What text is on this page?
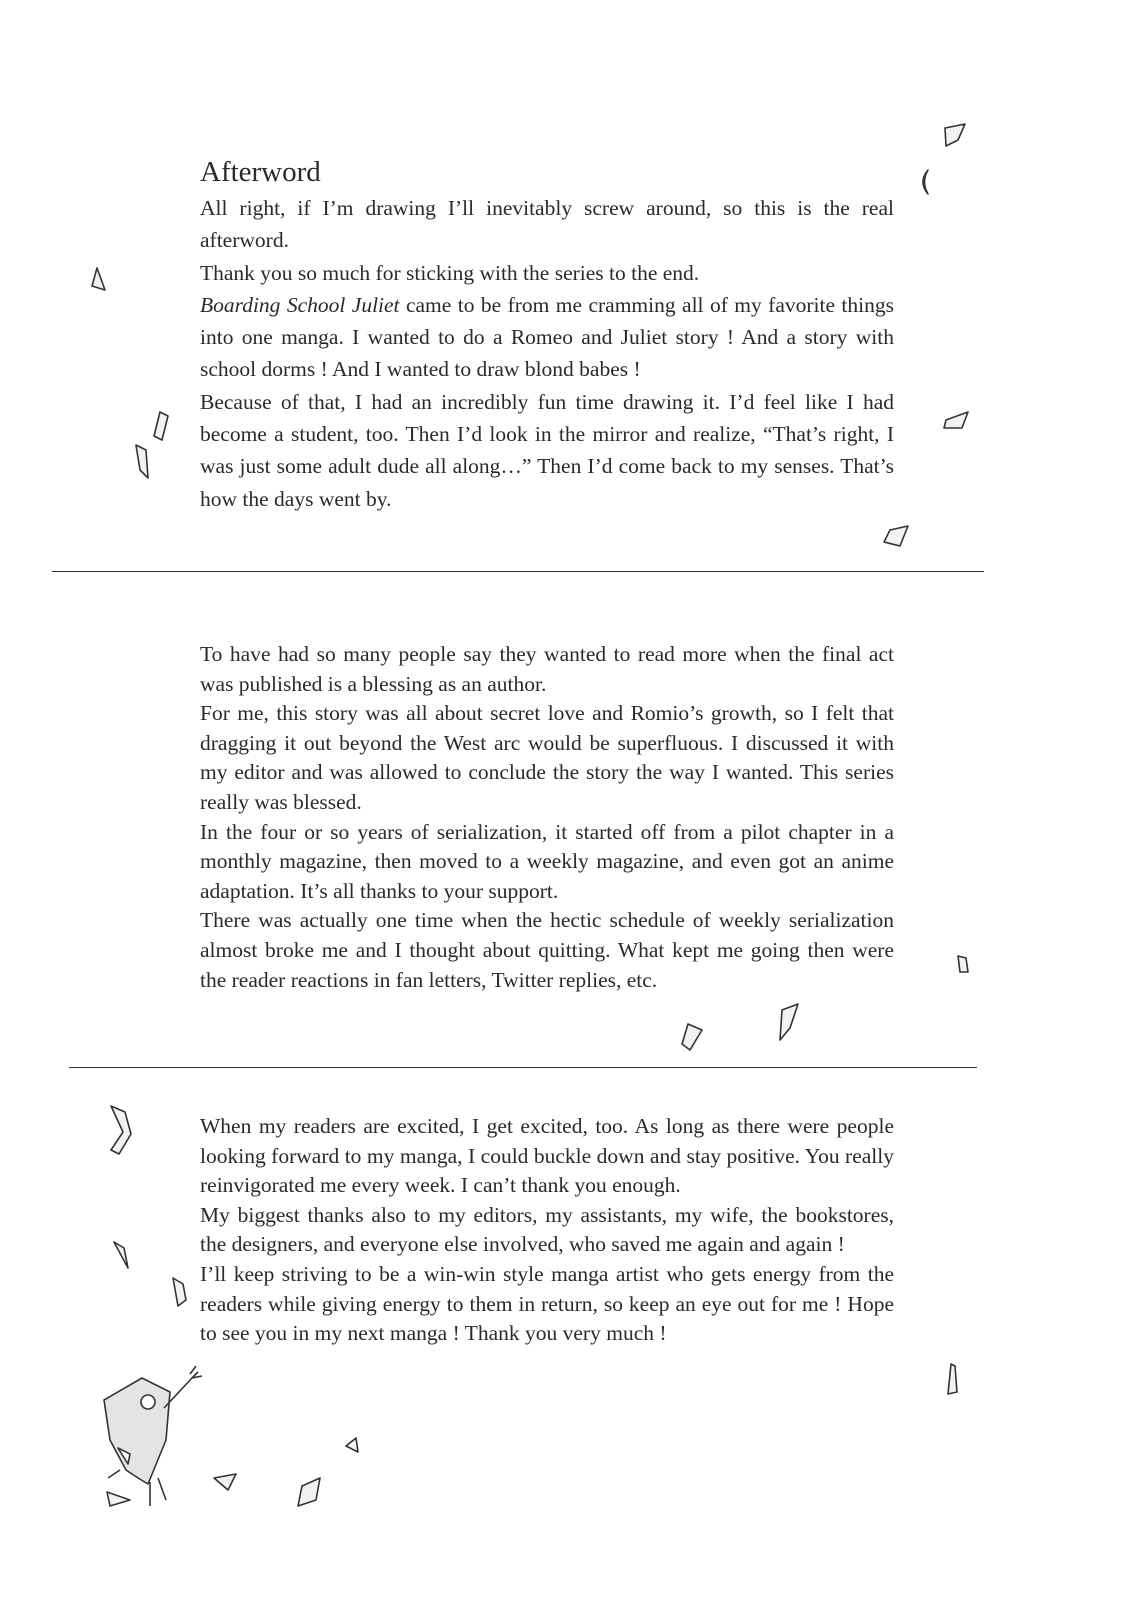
Afterword

All right, if I’m drawing I’ll inevitably screw around, so this is the real afterword.

Thank you so much for sticking with the series to the end.

Boarding School Juliet came to be from me cramming all of my favorite things into one manga. I wanted to do a Romeo and Juliet story ! And a story with school dorms ! And I wanted to draw blond babes !

Because of that, I had an incredibly fun time drawing it. I’d feel like I had become a student, too. Then I’d look in the mirror and realize, “That’s right, I was just some adult dude all along…” Then I’d come back to my senses. That’s how the days went by.

To have had so many people say they wanted to read more when the final act was published is a blessing as an author.

For me, this story was all about secret love and Romio’s growth, so I felt that dragging it out beyond the West arc would be superfluous. I discussed it with my editor and was allowed to conclude the story the way I wanted. This series really was blessed.

In the four or so years of serialization, it started off from a pilot chapter in a monthly magazine, then moved to a weekly magazine, and even got an anime adaptation. It’s all thanks to your support.

There was actually one time when the hectic schedule of weekly serialization almost broke me and I thought about quitting. What kept me going then were the reader reactions in fan letters, Twitter replies, etc.

When my readers are excited, I get excited, too. As long as there were people looking forward to my manga, I could buckle down and stay positive. You really reinvigorated me every week. I can’t thank you enough.

My biggest thanks also to my editors, my assistants, my wife, the bookstores, the designers, and everyone else involved, who saved me again and again !

I’ll keep striving to be a win-win style manga artist who gets energy from the readers while giving energy to them in return, so keep an eye out for me ! Hope to see you in my next manga ! Thank you very much !
